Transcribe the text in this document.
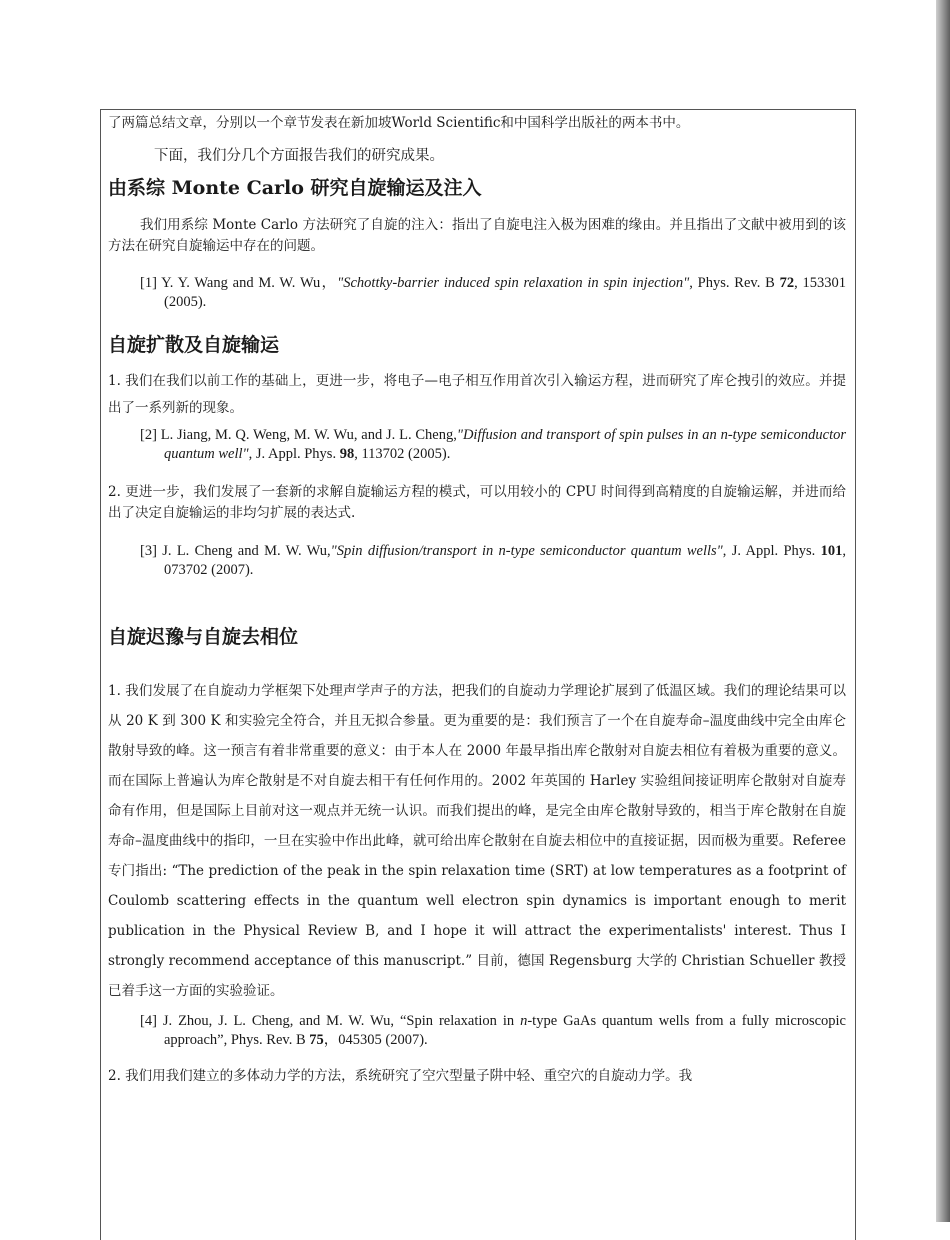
了两篇总结文章，分别以一个章节发表在新加坡World Scientific和中国科学出版社的两本书中。

下面，我们分几个方面报告我们的研究成果。

由系综 Monte Carlo 研究自旋输运及注入

我们用系综 Monte Carlo 方法研究了自旋的注入：指出了自旋电注入极为困难的缘由。并且指出了文献中被用到的该方法在研究自旋输运中存在的问题。

[1] Y. Y. Wang and M. W. Wu，"Schottky-barrier induced spin relaxation in spin injection", Phys. Rev. B 72, 153301 (2005).
自旋扩散及自旋输运

1. 我们在我们以前工作的基础上，更进一步，将电子—电子相互作用首次引入输运方程，进而研究了库仑拽引的效应。并提出了一系列新的现象。

[2] L. Jiang, M. Q. Weng, M. W. Wu, and J. L. Cheng,"Diffusion and transport of spin pulses in an n-type semiconductor quantum well", J. Appl. Phys. 98, 113702 (2005).

2. 更进一步，我们发展了一套新的求解自旋输运方程的模式，可以用较小的 CPU 时间得到高精度的自旋输运解，并进而给出了决定自旋输运的非均匀扩展的表达式.

[3] J. L. Cheng and M. W. Wu,"Spin diffusion/transport in n-type semiconductor quantum wells", J. Appl. Phys. 101, 073702 (2007).
自旋迟豫与自旋去相位

1. 我们发展了在自旋动力学框架下处理声学声子的方法，把我们的自旋动力学理论扩展到了低温区域。我们的理论结果可以从 20 K 到 300 K 和实验完全符合，并且无拟合参量。更为重要的是：我们预言了一个在自旋寿命–温度曲线中完全由库仑散射导致的峰。这一预言有着非常重要的意义：由于本人在 2000 年最早指出库仑散射对自旋去相位有着极为重要的意义。而在国际上普遍认为库仑散射是不对自旋去相干有任何作用的。2002 年英国的 Harley 实验组间接证明库仑散射对自旋寿命有作用，但是国际上目前对这一观点并无统一认识。而我们提出的峰，是完全由库仑散射导致的，相当于库仑散射在自旋寿命–温度曲线中的指印，一旦在实验中作出此峰，就可给出库仑散射在自旋去相位中的直接证据，因而极为重要。Referee 专门指出: “The prediction of the peak in the spin relaxation time (SRT) at low temperatures as a footprint of Coulomb scattering effects in the quantum well electron spin dynamics is important enough to merit publication in the Physical Review B, and I hope it will attract the experimentalists' interest. Thus I strongly recommend acceptance of this manuscript.” 目前，德国 Regensburg 大学的 Christian Schueller 教授已着手这一方面的实验验证。

[4] J. Zhou, J. L. Cheng, and M. W. Wu, “Spin relaxation in n-type GaAs quantum wells from a fully microscopic approach”, Phys. Rev. B 75，045305 (2007).

2. 我们用我们建立的多体动力学的方法，系统研究了空穴型量子阱中轻、重空穴的自旋动力学。我
